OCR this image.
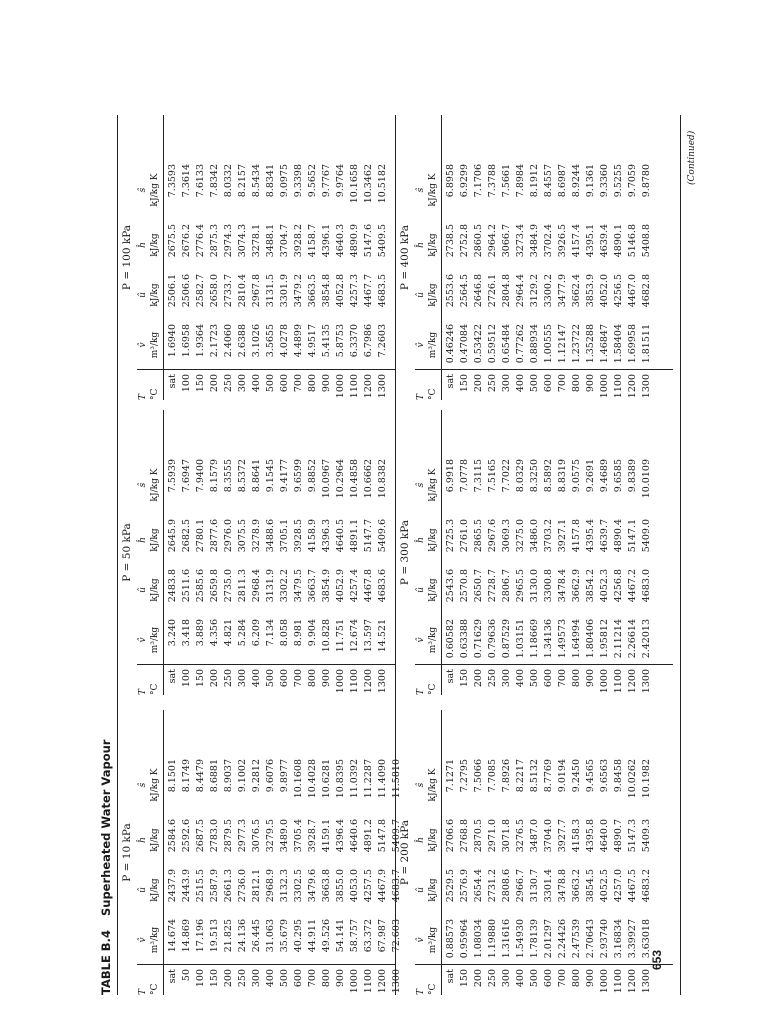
TABLE B.4 Superheated Water Vapour P = 10 kPa
T °C
v̂ m³/kg
û kJ/kg
ĥ kJ/kg
ŝ kJ/kg K
sat
14.674
2437.9
2584.6
8.1501
50
14.869
2443.9
2592.6
8.1749
100
17.196
2515.5
2687.5
8.4479
150
19.513
2587.9
2783.0
8.6881
200
21.825
2661.3
2879.5
8.9037
250
24.136
2736.0
2977.3
9.1002
300
26.445
2812.1
3076.5
9.2812
400
31.063
2968.9
3279.5
9.6076
500
35.679
3132.3
3489.0
9.8977
600
40.295
3302.5
3705.4
10.1608
700
44.911
3479.6
3928.7
10.4028
800
49.526
3663.8
4159.1
10.6281
900
54.141
3855.0
4396.4
10.8395
1000
58.757
4053.0
4640.6
11.0392
1100
63.372
4257.5
4891.2
11.2287
1200
67.987
4467.9
5147.8
11.4090
1300
72.603
4683.7
5409.7
11.5810
P = 50 kPa
T °C
v̂ m³/kg
û kJ/kg
ĥ kJ/kg
ŝ kJ/kg K
sat
3.240
2483.8
2645.9
7.5939
100
3.418
2511.6
2682.5
7.6947
150
3.889
2585.6
2780.1
7.9400
200
4.356
2659.8
2877.6
8.1579
250
4.821
2735.0
2976.0
8.3555
300
5.284
2811.3
3075.5
8.5372
400
6.209
2968.4
3278.9
8.8641
500
7.134
3131.9
3488.6
9.1545
600
8.058
3302.2
3705.1
9.4177
700
8.981
3479.5
3928.5
9.6599
800
9.904
3663.7
4158.9
9.8852
900
10.828
3854.9
4396.3
10.0967
1000
11.751
4052.9
4640.5
10.2964
1100
12.674
4257.4
4891.1
10.4858
1200
13.597
4467.8
5147.7
10.6662
1300
14.521
4683.6
5409.6
10.8382
P = 100 kPa
T °C
v̂ m³/kg
û kJ/kg
ĥ kJ/kg
ŝ kJ/kg K
sat
1.6940
2506.1
2675.5
7.3593
100
1.6958
2506.6
2676.2
7.3614
150
1.9364
2582.7
2776.4
7.6133
200
2.1723
2658.0
2875.3
7.8342
250
2.4060
2733.7
2974.3
8.0332
300
2.6388
2810.4
3074.3
8.2157
400
3.1026
2967.8
3278.1
8.5434
500
3.5655
3131.5
3488.1
8.8341
600
4.0278
3301.9
3704.7
9.0975
700
4.4899
3479.2
3928.2
9.3398
800
4.9517
3663.5
4158.7
9.5652
900
5.4135
3854.8
4396.1
9.7767
1000
5.8753
4052.8
4640.3
9.9764
1100
6.3370
4257.3
4890.9
10.1658
1200
6.7986
4467.7
5147.6
10.3462
1300
7.2603
4683.5
5409.5
10.5182
P = 200 kPa
T °C
v̂ m³/kg
û kJ/kg
ĥ kJ/kg
ŝ kJ/kg K
sat
0.88573
2529.5
2706.6
7.1271
150
0.95964
2576.9
2768.8
7.2795
200
1.08034
2654.4
2870.5
7.5066
250
1.19880
2731.2
2971.0
7.7085
300
1.31616
2808.6
3071.8
7.8926
400
1.54930
2966.7
3276.5
8.2217
500
1.78139
3130.7
3487.0
8.5132
600
2.01297
3301.4
3704.0
8.7769
700
2.24426
3478.8
3927.7
9.0194
800
2.47539
3663.2
4158.3
9.2450
900
2.70643
3854.5
4395.8
9.4565
1000
2.93740
4052.5
4640.0
9.6563
1100
3.16834
4257.0
4890.7
9.8458
1200
3.39927
4467.5
5147.3
10.0262
1300
3.63018
4683.2
5409.3
10.1982
P = 300 kPa
T °C
v̂ m³/kg
û kJ/kg
ĥ kJ/kg
ŝ kJ/kg K
sat
0.60582
2543.6
2725.3
6.9918
150
0.63388
2570.8
2761.0
7.0778
200
0.71629
2650.7
2865.5
7.3115
250
0.79636
2728.7
2967.6
7.5165
300
0.87529
2806.7
3069.3
7.7022
400
1.03151
2965.5
3275.0
8.0329
500
1.18669
3130.0
3486.0
8.3250
600
1.34136
3300.8
3703.2
8.5892
700
1.49573
3478.4
3927.1
8.8319
800
1.64994
3662.9
4157.8
9.0575
900
1.80406
3854.2
4395.4
9.2691
1000
1.95812
4052.3
4639.7
9.4689
1100
2.11214
4256.8
4890.4
9.6585
1200
2.26614
4467.2
5147.1
9.8389
1300
2.42013
4683.0
5409.0
10.0109
P = 400 kPa
T °C
v̂ m³/kg
û kJ/kg
ĥ kJ/kg
ŝ kJ/kg K
sat
0.46246
2553.6
2738.5
6.8958
150
0.47084
2564.5
2752.8
6.9299
200
0.53422
2646.8
2860.5
7.1706
250
0.59512
2726.1
2964.2
7.3788
300
0.65484
2804.8
3066.7
7.5661
400
0.77262
2964.4
3273.4
7.8984
500
0.88934
3129.2
3484.9
8.1912
600
1.00555
3300.2
3702.4
8.4557
700
1.12147
3477.9
3926.5
8.6987
800
1.23722
3662.4
4157.4
8.9244
900
1.35288
3853.9
4395.1
9.1361
1000
1.46847
4052.0
4639.4
9.3360
1100
1.58404
4256.5
4890.1
9.5255
1200
1.69958
4467.0
5146.8
9.7059
1300
1.81511
4682.8
5408.8
9.8780	(Continued)
653
